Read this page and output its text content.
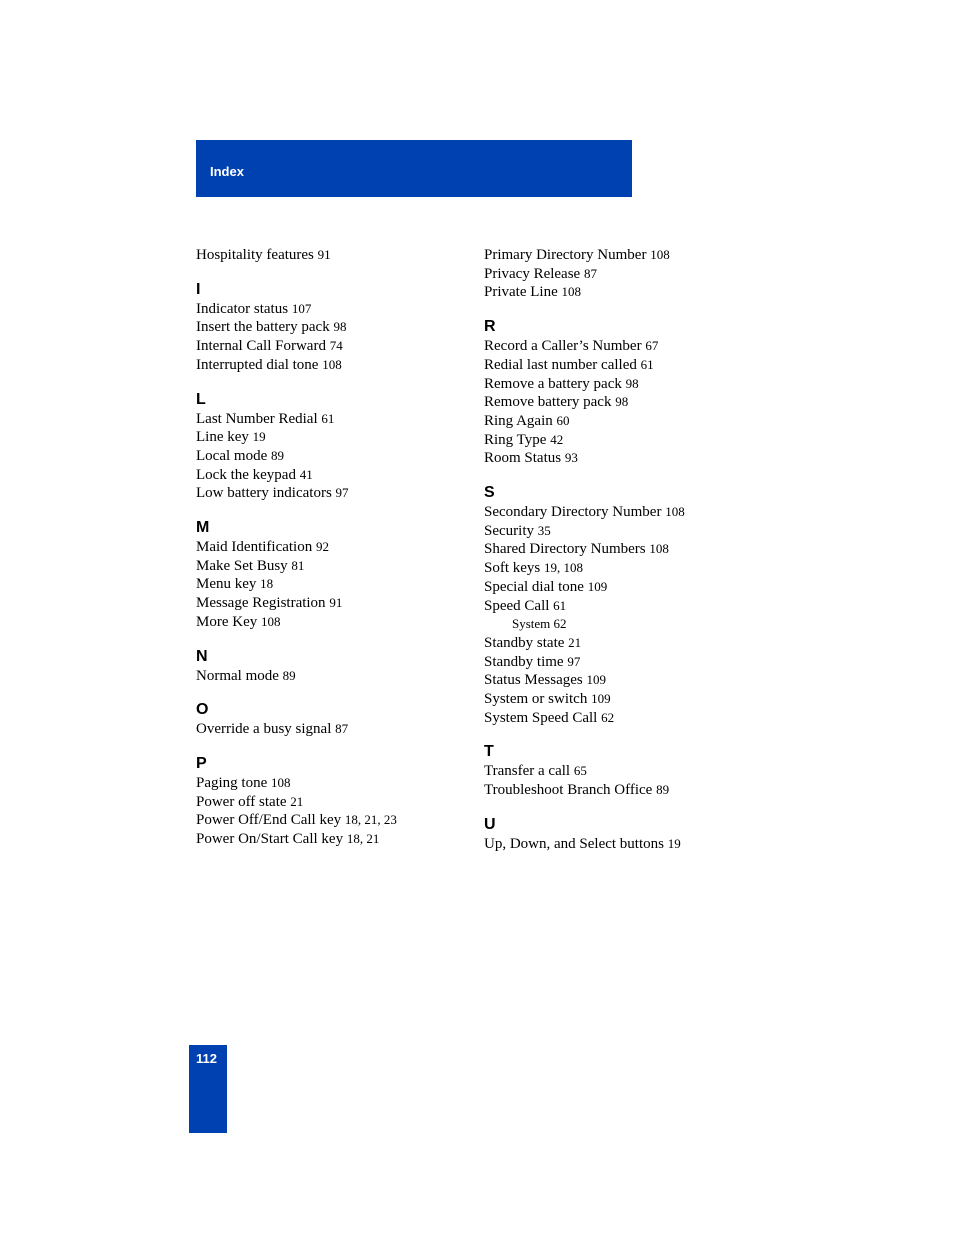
Index
Hospitality features 91
I
Indicator status 107
Insert the battery pack 98
Internal Call Forward 74
Interrupted dial tone 108
L
Last Number Redial 61
Line key 19
Local mode 89
Lock the keypad 41
Low battery indicators 97
M
Maid Identification 92
Make Set Busy 81
Menu key 18
Message Registration 91
More Key 108
N
Normal mode 89
O
Override a busy signal 87
P
Paging tone 108
Power off state 21
Power Off/End Call key 18, 21, 23
Power On/Start Call key 18, 21
Primary Directory Number 108
Privacy Release 87
Private Line 108
R
Record a Caller’s Number 67
Redial last number called 61
Remove a battery pack 98
Remove battery pack 98
Ring Again 60
Ring Type 42
Room Status 93
S
Secondary Directory Number 108
Security 35
Shared Directory Numbers 108
Soft keys 19, 108
Special dial tone 109
Speed Call 61
System 62
Standby state 21
Standby time 97
Status Messages 109
System or switch 109
System Speed Call 62
T
Transfer a call 65
Troubleshoot Branch Office 89
U
Up, Down, and Select buttons 19
112
